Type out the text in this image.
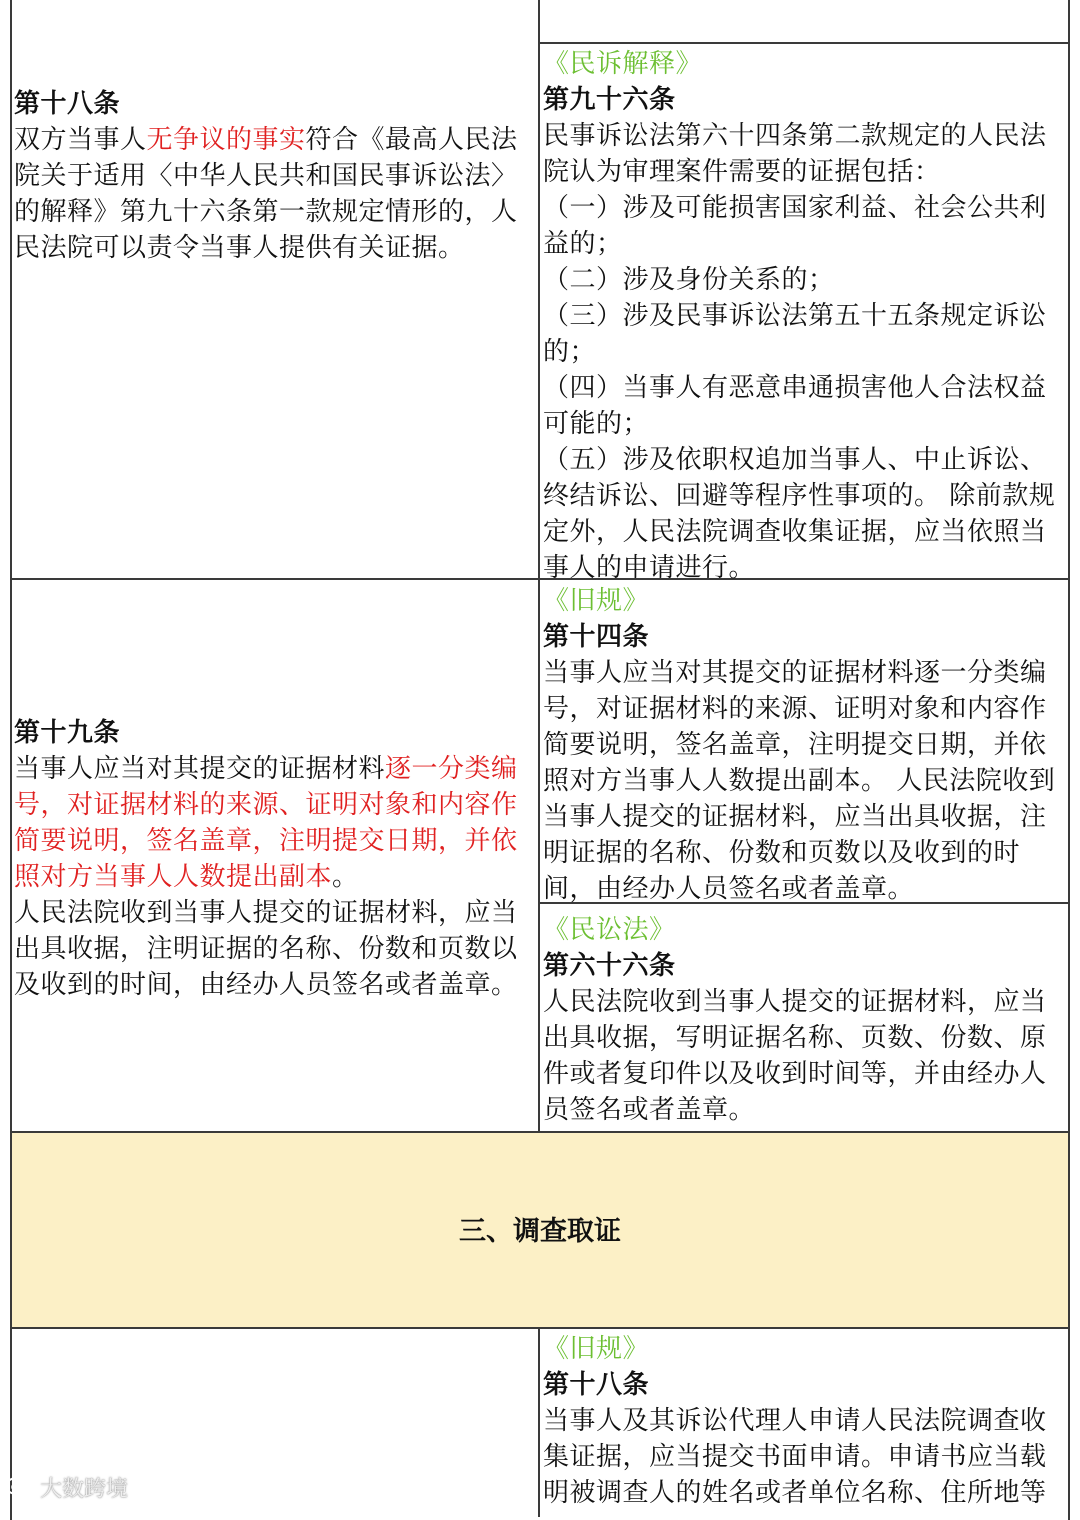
《民诉解释》
第九十六条
民事诉讼法第六十四条第二款规定的人民法院认为审理案件需要的证据包括：
（一）涉及可能损害国家利益、社会公共利益的；
（二）涉及身份关系的；
（三）涉及民事诉讼法第五十五条规定诉讼的；
（四）当事人有恶意串通损害他人合法权益可能的；
（五）涉及依职权追加当事人、中止诉讼、终结诉讼、回避等程序性事项的。 除前款规定外，人民法院调查收集证据，应当依照当事人的申请进行。
第十八条
双方当事人无争议的事实符合《最高人民法院关于适用〈中华人民共和国民事诉讼法〉的解释》第九十六条第一款规定情形的，人民法院可以责令当事人提供有关证据。
第十九条
当事人应当对其提交的证据材料逐一分类编号，对证据材料的来源、证明对象和内容作简要说明，签名盖章，注明提交日期，并依照对方当事人人数提出副本。
人民法院收到当事人提交的证据材料，应当出具收据，注明证据的名称、份数和页数以及收到的时间，由经办人员签名或者盖章。
《旧规》
第十四条
当事人应当对其提交的证据材料逐一分类编号，对证据材料的来源、证明对象和内容作简要说明，签名盖章，注明提交日期，并依照对方当事人人数提出副本。 人民法院收到当事人提交的证据材料，应当出具收据，注明证据的名称、份数和页数以及收到的时间，由经办人员签名或者盖章。
《民讼法》
第六十六条
人民法院收到当事人提交的证据材料，应当出具收据，写明证据名称、页数、份数、原件或者复印件以及收到时间等，并由经办人员签名或者盖章。
三、调查取证
《旧规》
第十八条
当事人及其诉讼代理人申请人民法院调查收集证据，应当提交书面申请。申请书应当载明被调查人的姓名或者单位名称、住所地等
大数跨境
